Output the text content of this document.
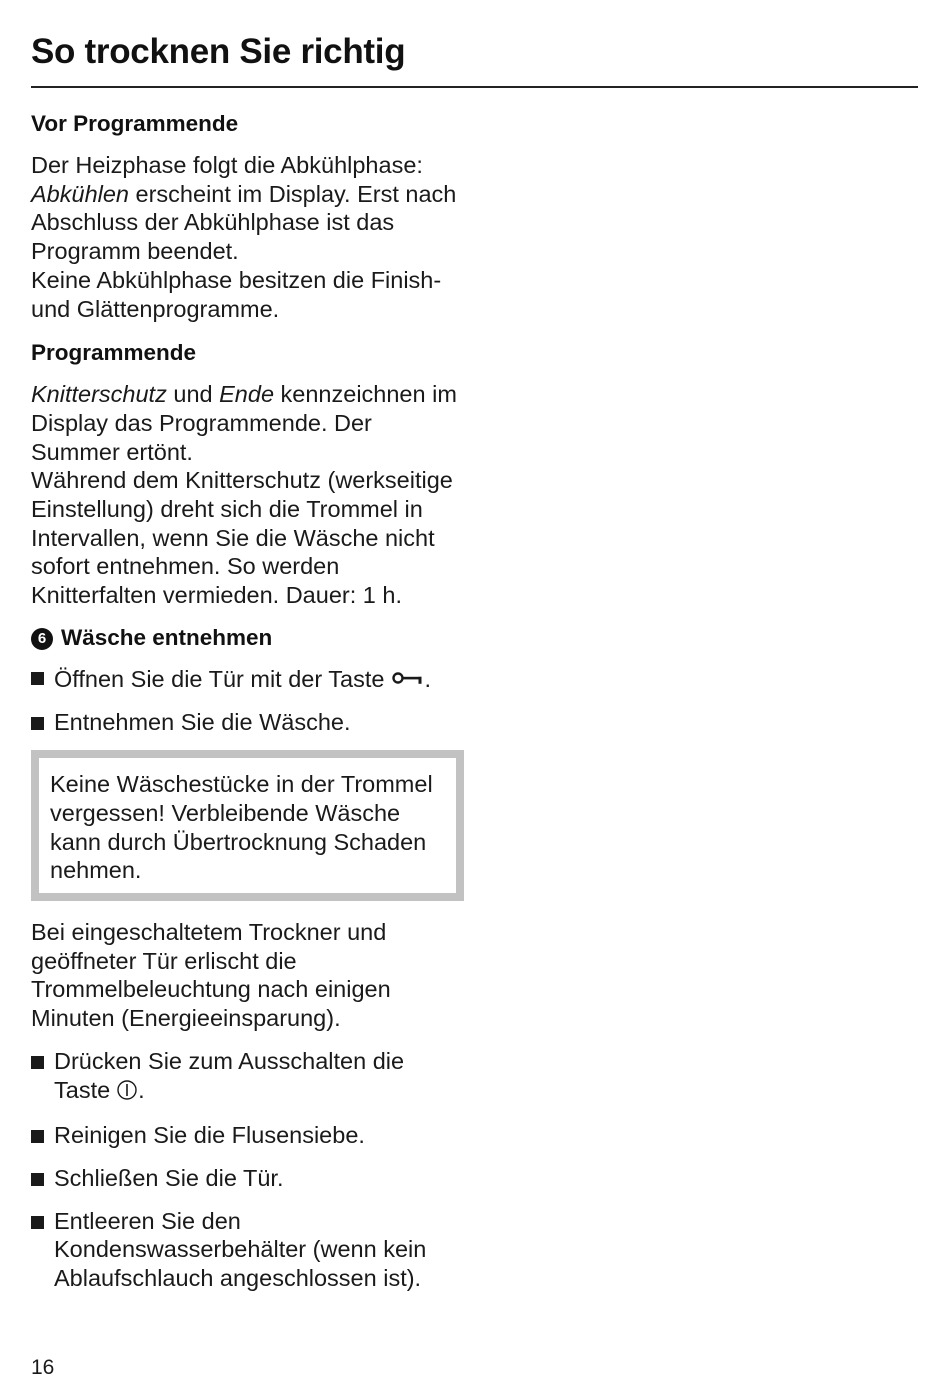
So trocknen Sie richtig
Vor Programmende

Der Heizphase folgt die Abkühlphase: Abkühlen erscheint im Display. Erst nach Abschluss der Abkühlphase ist das Programm beendet.

Keine Abkühlphase besitzen die Finish- und Glättenprogramme.

Programmende

Knitterschutz und Ende kennzeichnen im Display das Programmende. Der Summer ertönt.

Während dem Knitterschutz (werkseitige Einstellung) dreht sich die Trommel in Intervallen, wenn Sie die Wäsche nicht sofort entnehmen. So werden Knitterfalten vermieden. Dauer: 1 h.

6 Wäsche entnehmen
Öffnen Sie die Tür mit der Taste .
Entnehmen Sie die Wäsche.
Keine Wäschestücke in der Trommel vergessen! Verbleibende Wäsche kann durch Übertrocknung Schaden nehmen.

Bei eingeschaltetem Trockner und geöffneter Tür erlischt die Trommelbeleuchtung nach einigen Minuten (Energieeinsparung).

Drücken Sie zum Ausschalten die Taste .
Reinigen Sie die Flusensiebe.
Schließen Sie die Tür.
Entleeren Sie den Kondenswasserbehälter (wenn kein Ablaufschlauch angeschlossen ist).
16
